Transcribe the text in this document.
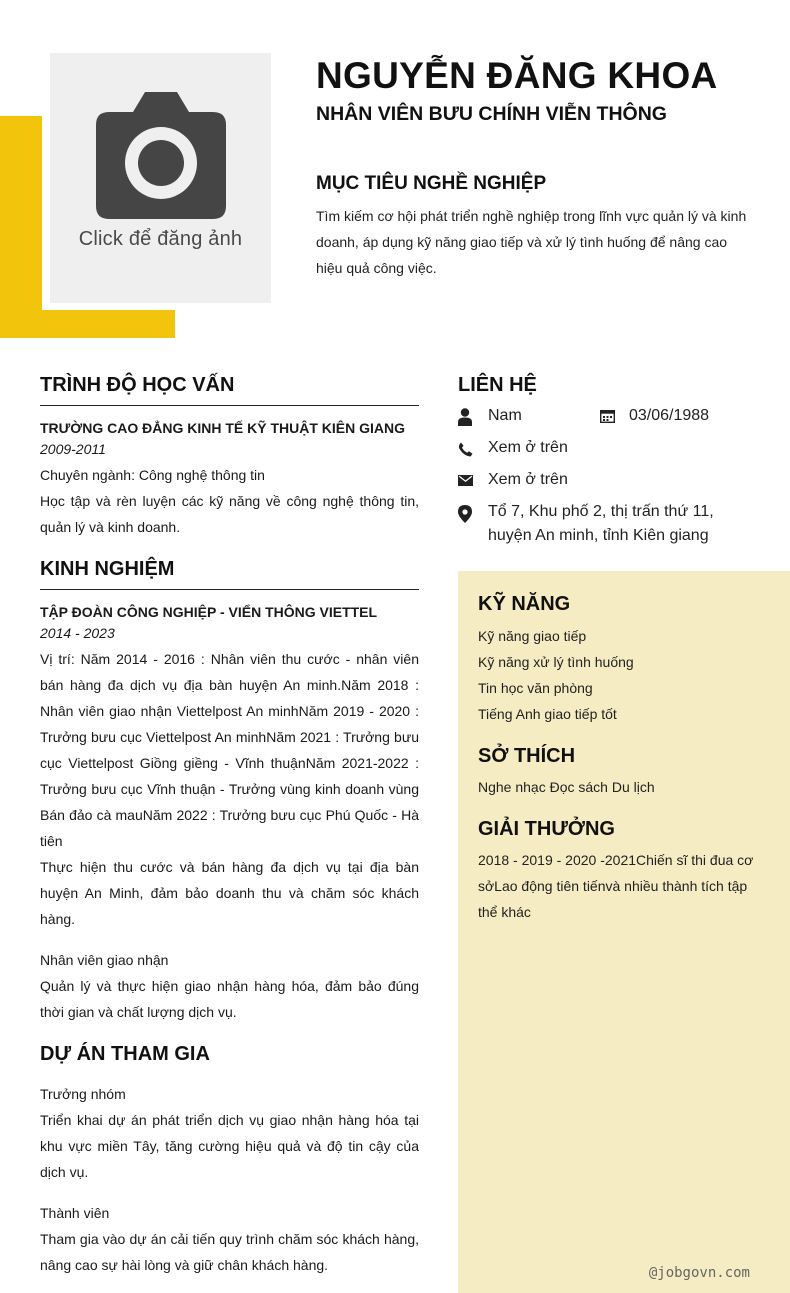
Click để đăng ảnh
NGUYỄN ĐĂNG KHOA
NHÂN VIÊN BƯU CHÍNH VIỄN THÔNG
MỤC TIÊU NGHỀ NGHIỆP
Tìm kiếm cơ hội phát triển nghề nghiệp trong lĩnh vực quản lý và kinh doanh, áp dụng kỹ năng giao tiếp và xử lý tình huống để nâng cao hiệu quả công việc.
TRÌNH ĐỘ HỌC VẤN
TRƯỜNG CAO ĐẲNG KINH TẾ KỸ THUẬT KIÊN GIANG
2009-2011
Chuyên ngành: Công nghệ thông tin
Học tập và rèn luyện các kỹ năng về công nghệ thông tin, quản lý và kinh doanh.
KINH NGHIỆM
TẬP ĐOÀN CÔNG NGHIỆP - VIỂN THÔNG VIETTEL
2014 - 2023
Vị trí: Năm 2014 - 2016 : Nhân viên thu cước - nhân viên bán hàng đa dịch vụ địa bàn huyện An minh.Năm 2018 : Nhân viên giao nhận Viettelpost An minhNăm 2019 - 2020 : Trưởng bưu cục Viettelpost An minhNăm 2021 : Trưởng bưu cục Viettelpost Giồng giềng - Vĩnh thuậnNăm 2021-2022 : Trưởng bưu cục Vĩnh thuận - Trưởng vùng kinh doanh vùng Bán đảo cà mauNăm 2022 : Trưởng bưu cục Phú Quốc - Hà tiên
Thực hiện thu cước và bán hàng đa dịch vụ tại địa bàn huyện An Minh, đảm bảo doanh thu và chăm sóc khách hàng.
Nhân viên giao nhận
Quản lý và thực hiện giao nhận hàng hóa, đảm bảo đúng thời gian và chất lượng dịch vụ.
DỰ ÁN THAM GIA
Trưởng nhóm
Triển khai dự án phát triển dịch vụ giao nhận hàng hóa tại khu vực miền Tây, tăng cường hiệu quả và độ tin cậy của dịch vụ.
Thành viên
Tham gia vào dự án cải tiến quy trình chăm sóc khách hàng, nâng cao sự hài lòng và giữ chân khách hàng.
LIÊN HỆ
Nam	03/06/1988
Xem ở trên
Xem ở trên
Tổ 7, Khu phố 2, thị trấn thứ 11, huyện An minh, tỉnh Kiên giang
KỸ NĂNG
Kỹ năng giao tiếp
Kỹ năng xử lý tình huống
Tin học văn phòng
Tiếng Anh giao tiếp tốt
SỞ THÍCH
Nghe nhạc Đọc sách Du lịch
GIẢI THƯỞNG
2018 - 2019 - 2020 -2021Chiến sĩ thi đua cơ sởLao động tiên tiếnvà nhiều thành tích tập thể khác
@jobgovn.com
